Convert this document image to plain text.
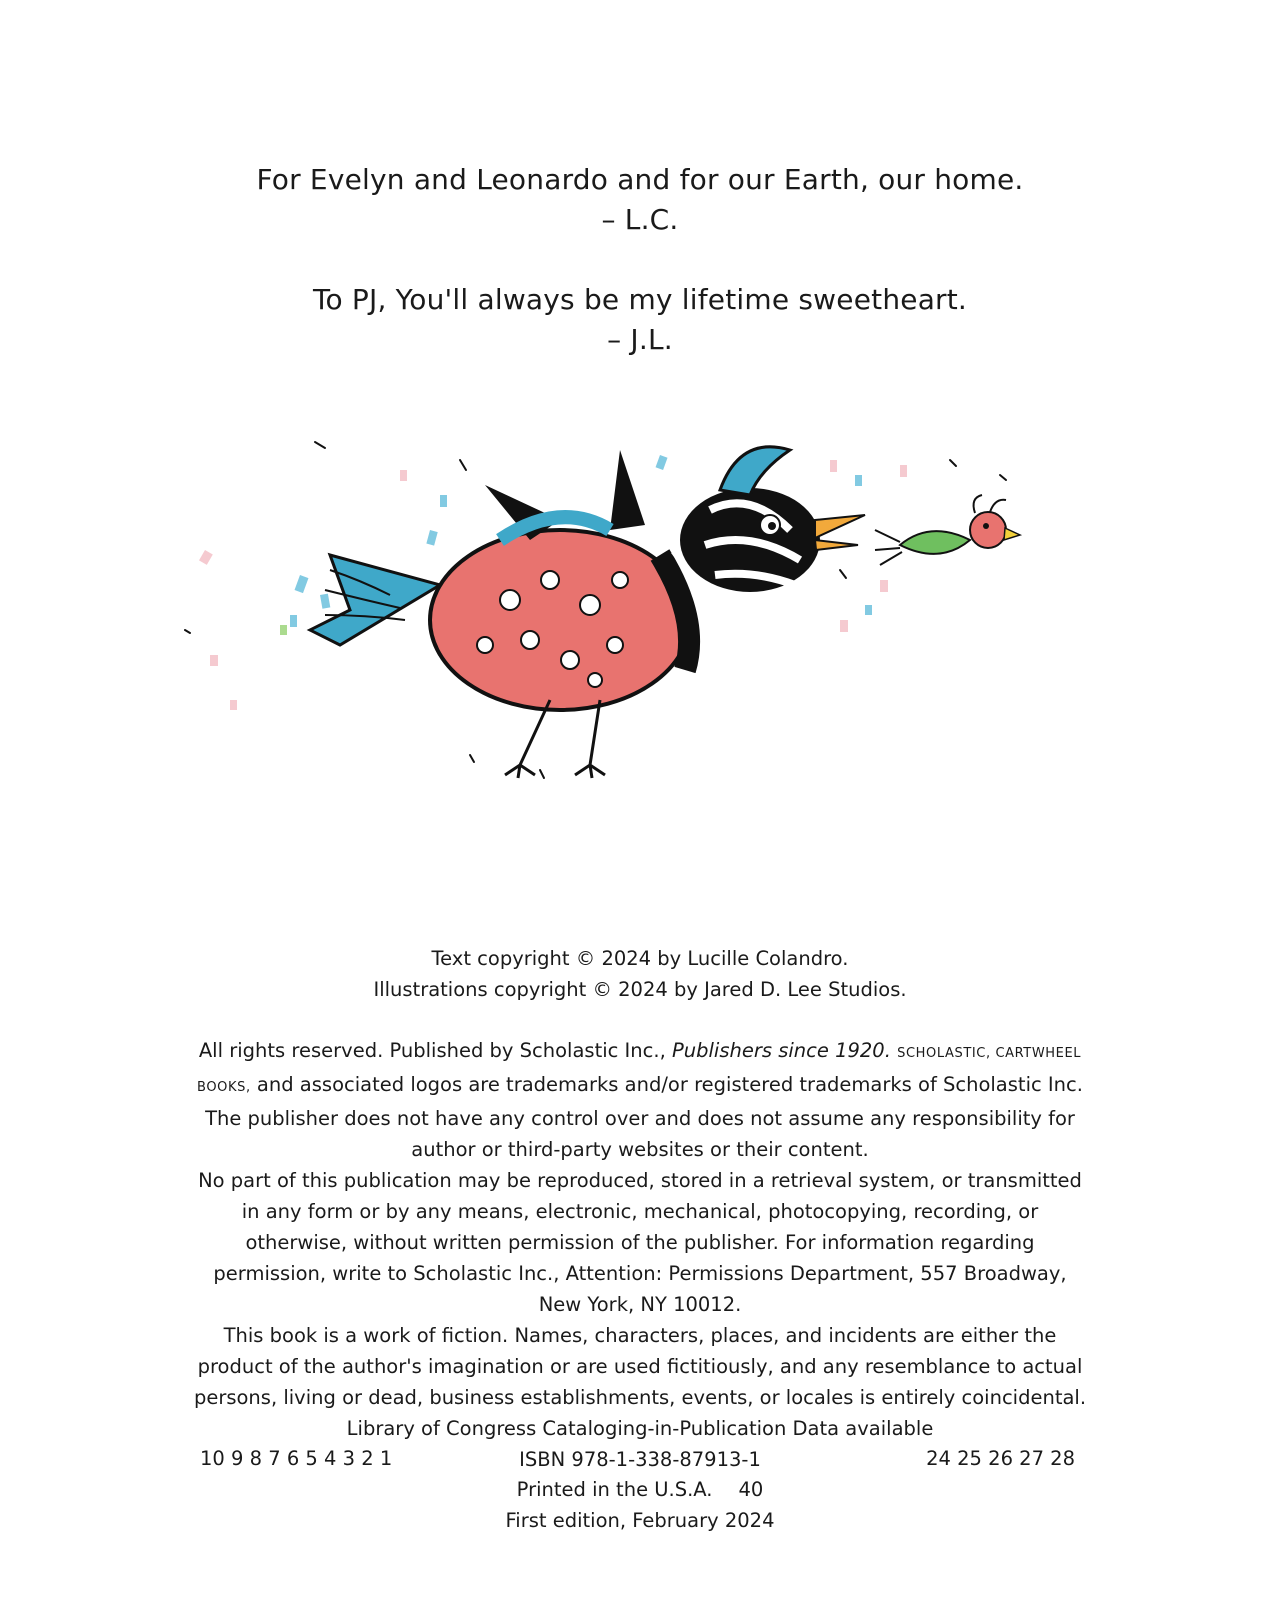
For Evelyn and Leonardo and for our Earth, our home.
– L.C.
To PJ, You'll always be my lifetime sweetheart.
– J.L.
Text copyright © 2024 by Lucille Colandro.
Illustrations copyright © 2024 by Jared D. Lee Studios.
All rights reserved. Published by Scholastic Inc., Publishers since 1920. SCHOLASTIC, CARTWHEEL BOOKS, and associated logos are trademarks and/or registered trademarks of Scholastic Inc. The publisher does not have any control over and does not assume any responsibility for author or third-party websites or their content.
No part of this publication may be reproduced, stored in a retrieval system, or transmitted in any form or by any means, electronic, mechanical, photocopying, recording, or otherwise, without written permission of the publisher. For information regarding permission, write to Scholastic Inc., Attention: Permissions Department, 557 Broadway, New York, NY 10012.
This book is a work of fiction. Names, characters, places, and incidents are either the product of the author's imagination or are used fictitiously, and any resemblance to actual persons, living or dead, business establishments, events, or locales is entirely coincidental.
Library of Congress Cataloging-in-Publication Data available
ISBN 978-1-338-87913-1
10 9 8 7 6 5 4 3 2 1	24 25 26 27 28
Printed in the U.S.A. 40
First edition, February 2024
